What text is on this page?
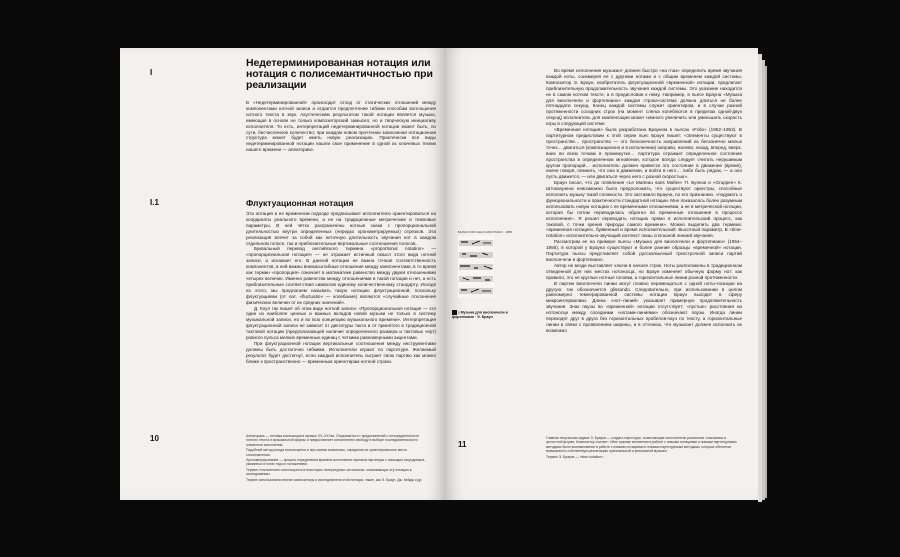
I
Недетерминированная нотация или нотация с полисемантичностью при реализации

В «Недетерминированной» происходит отход от статических отношений между компонентами нотной записи и отдается предпочтение гибким способам воплощения нотного текста в звук. Акустическим результатом такой нотации является музыка, имеющая в основе не только композиторский замысел, но и творческую инициативу исполнителя. То есть, интерпретаций недетерминированной нотации может быть, по сути, бесчисленное количество; при каждом новом прочтении записанная нотационная структура может будет иметь новую реализацию. Практически все виды недетерминированной нотации нашли свое применение в одной из ключевых техник нашего времени — алеаторике.

I.1	Флуктуационная нотация

Эта нотация в ее временном подходе предписывает исполнителю ориентироваться на координаты реального времени, а не на традиционные метрические и темповые параметры. В ней чётко разграничены нотные знаки с пропорциональной длительностью внутри определенных (нередко хронометрируемых) отрезков. Эта реализация влечет за собой как неточную длительность звучания нот в каждом отдельном голосе, так и приблизительные вертикальные соотношения голосов.

Буквальный перевод английского термина «proportional notation» — «пропорциональная нотация» — не отражает истинный смысл этого вида нотной записи, а искажает его. В данной нотации не важна точная соответственность компонентов, в ней важны внемасштабные отношения между компонентами, в то время как термин «пропорция» означает в математике равенство между двумя отношениями четырех величин. Именно равенства между отношениями в такой нотации и нет, а есть приблизительные соответствия символов единому количественному стандарту. Исходя из этого, мы предлагаем называть такую нотацию флуктуационной, поскольку флуктуациями (от лат. «fluctuatio» — колебание) являются «случайные отклонения физических величин от их средних значений».

Д. Коул так пишет об этом виде нотной записи: «Пропорциональная нотация — это один из наиболее ценных и важных вкладов новой музыки не только в систему музыкальной записи, но и во всю концепцию музыкального времени». Интерпретация флуктуационной записи не зависит от диктатуры такта и от принятого в традиционной тактовой нотации (предполагающей наличие определенного размера и тактовых черт) ровного пульса мелких временных единиц с четкими равномерными акцентами.

При флуктуационной нотации вертикальные соотношения между инструментами должны быть достаточно гибкими. Исполнители играют по партитуре. Желаемый результат будет достигнут, если каждый исполнитель сыграет свою партию как можно ближе к пространственно — временным ориентирам нотной строки.

Алеаторика — техника композиции в музыке ХХ–ХХI вв. Открывается от представлений о неопределенности нотного текста и музыкальной формы и предоставляет исполнителю свободу в выборе последовательности элементов исполнения.

Подобный метод иногда используется и при записи вокальных, определяя их ориентировочное место сопоставления.

Хронометрирование — процесс определения времени исполнения отрезков партитуры с помощью секундомера, указанных в нотах над их положением.

Термин «отклонения» используется в некоторых литературных источниках, описывающих эту нотацию в исследованиях.

Термин использовали многие композиторы и исследователи этой нотации, такие, как Э. Браун, Дж. Кейдж и др.

10
MUSIC FOR CELLO AND PIANO · 1955
1 Музыка для виолончели и фортепиано · Э. Браун

Во время исполнения музыкант должен быстро «на глаз» определить время звучания каждой ноты, соизмеряя ее с другими нотами и с общим временем каждой системы. Композитор Э. Браун, изобретатель флуктуационной «временной» нотации, предлагает приблизительную продолжительность звучания каждой системы. Это указание находится не в самом нотном тексте, а в предисловии к нему. Например, в пьесе Брауна «Музыка для виолончели и фортепиано» каждая строка-система должна длиться не более пятнадцати секунд. Конец каждой системы служит ориентиром, и в случае разной протяженности соседних строк (на момент слегка колеблются в пределах одной-двух секунд) исполнитель для компенсации может немного увеличить или уменьшить скорость игры в следующей системе.

«Временная нотация» была разработана Брауном в пьесах «Folio» (1952–1953). В партитурном предисловии к этой серии пьес Браун пишет: «Элементы существуют в пространстве… пространство — это бесконечность направлений из бесконечно малых точек… двигаться (композиционно и в исполнении) направо, налево, назад, вперед, вверх, вниз во всем точкам в промежутке… партитура отражает определенное состояние пространства в определенном мгновении, которое всегда следует считать нерушимым кругом пропорций… исполнитель должен привести это состояние в движение (время), иначе говоря, помнить, что она в движении, и войти в него… либо быть рядом, — а оно пусть движется, — или двигаться через него с разной скоростью».

Браун писал, что до появления «Le Marteau sans Maître» П. Булеза и «Gruppen» К. Штокхаузена невозможно было предположить, что существуют оркестры, способные исполнить музыку такой сложности. Это заставило Брауна, по его признанию, «подумать о функциональности и практичности стандартной нотации. Мне показалось более разумным использовать новую нотацию с ее временными отношениями, а не в метрической нотации, которая бы потом переводилась обратно во временные отношения в процессе исполнения». Я решил переводить нотацию прямо в исполнительский процесс, как таковой, с точки зрения природы самого времени». Можно выделить два термина: «временная нотация», буквенный и время исполнительский. Высотный параметр, В «time-notation» исполнительно-звучащий контекст лишь сплошной линией звучания.

Рассмотрим ее на примере пьесы «Музыка для виолончели и фортепиано» (1954–1955), в которой у Брауна существуют и более ранние образцы «временной» нотации. Партитура пьесы представляет собой русскоязычный трехстрочной записи партий виолончели и фортепиано.

Автор не везде выставляет ключи в начале строк. Ноты расположены в традиционном отведенной для них местах нотоносца, но Браун изменяет обычную форму нот: как правило, это не круглые нотные головки, а горизонтальные линии разной протяженности.

В партии виолончели линии могут плавно перемещаться с одной ноты–позиции на другую: так обозначается glissando. Следовательно, при использовании в целом равномерно темперированной системы нотации Браун выходит в сферу микроинтервалики. Длина «нот–линий» указывает примерную продолжительность звучания. Знак паузы во «временной» нотации отсутствует: «пустые» расстояния на нотоносце между соседними «нотами-линиями» обозначают паузы. Иногда линии переходят друг в друга без горизонтальных пробелов-пауз по тексту, а горизонтальные линии в связи с проявлением ширины, и в оттенках, что музыкант должен исполнить их возможно

Главная творческая задача Э. Брауна — создать партитуры, позволяющие исполнителю различные толкования в целостной форме. Композитор считает: «Мне нужные мгновения в работе с новыми нотациями и новыми партитурными методами было возникновение в работе с новыми нотациями и новыми партитурными методами, которые обеспечат возможность собственную реализацию оригинальной и уникальной музыки».

Термин Э. Брауна — «time-notation».

11
